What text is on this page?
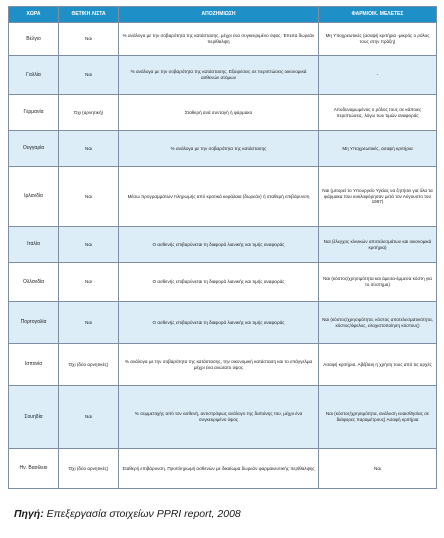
ΧΩΡΑ	ΘΕΤΙΚΗ ΛΙΣΤΑ	ΑΠΟΖΗΜΙΩΣΗ	ΦΑΡΜ/ΟΙΚ. ΜΕΛΕΤΕΣ
Βέλγιο	Ναι	% ανάλογα με την σοβαρότητα της κατάστασης, μέχρι ένα συγκεκριμένο ύψος. Έπειτα δωρεάν περίθαλψη	Μη Υποχρεωτικές (ασαφή κριτήρια -μικρός ο ρόλος τους στην πράξη)
Γαλλία	Ναι	% ανάλογα με την σοβαρότητα της κατάστασης. Εξαιρέσεις σε περιπτώσεις οικονομικά ασθενών ατόμων	-
Γερμανία	Όχι (αρνητική)	Σταθερή ανά συνταγή ή φάρμακο	Αποδυναμωμένος ο ρόλος τους σε κάποιες περιπτώσεις, λόγω των τιμών αναφοράς
Ουγγαρία	Ναι	% ανάλογα με την σοβαρότητα της κατάστασης	Μη Υποχρεωτικές, ασαφή κριτήρια
Ιρλανδία	Ναι	Μέσω προγραμμάτων πληρωμής από κρατικά κεφάλαια (δωρεάν) ή σταθερή επιβάρυνση	Ναι (μπορεί το Υπουργείο Υγείας να ζητήσει για όλα τα φάρμακα που κυκλοφόρησαν μετά τον Αύγουστο του 1997)
Ιταλία	Ναι	Ο ασθενής επιβαρύνεται τη διαφορά λιανικής και τιμής αναφοράς	Ναι (έλεγχος κλινικών αποτελεσμάτων και οικονομικά κριτήρια)
Ολλανδία	Ναι	Ο ασθενής επιβαρύνεται τη διαφορά λιανικής και τιμής αναφοράς	Ναι (κόστος/χρησιμότητα και άμεσα-έμμεσα κόστη για το σύστημα)
Πορτογαλία	Ναι	Ο ασθενής επιβαρύνεται τη διαφορά λιανικής και τιμής αναφοράς	Ναι (κόστος/χρησιμότητα, κόστος αποτελεσματικότητα, κόστος/όφελος, ελαχιστοποίηση κόστους)
Ισπανία	Όχι (δύο αρνητικές)	% ανάλογα με την σοβαρότητα της κατάστασης, την οικονομική κατάσταση και το επάγγελμα μέχρι ένα ανώτατο ύψος	Ασαφή κριτήρια. Αβέβαιη η χρήση τους από τις αρχές
Σουηδία	Ναι	% συμμετοχής από τον ασθενή, αντιστρόφως ανάλογο της δαπάνης του, μέχρι ένα συγκεκριμένο ύψος	Ναι (κόστος/χρησιμότητα, ανάλυση ευαισθησίας σε διάφορες παραμέτρους) Ασαφή κριτήρια
Ην. Βασίλειο	Όχι (δύο αρνητικές)	Σταθερή επιβάρυνση. Προπληρωμή ασθενών με δικαίωμα δωρεάν φαρμακευτικής περίθαλψης	Ναι
Πηγή: Επεξεργασία στοιχείων PPRI report, 2008
